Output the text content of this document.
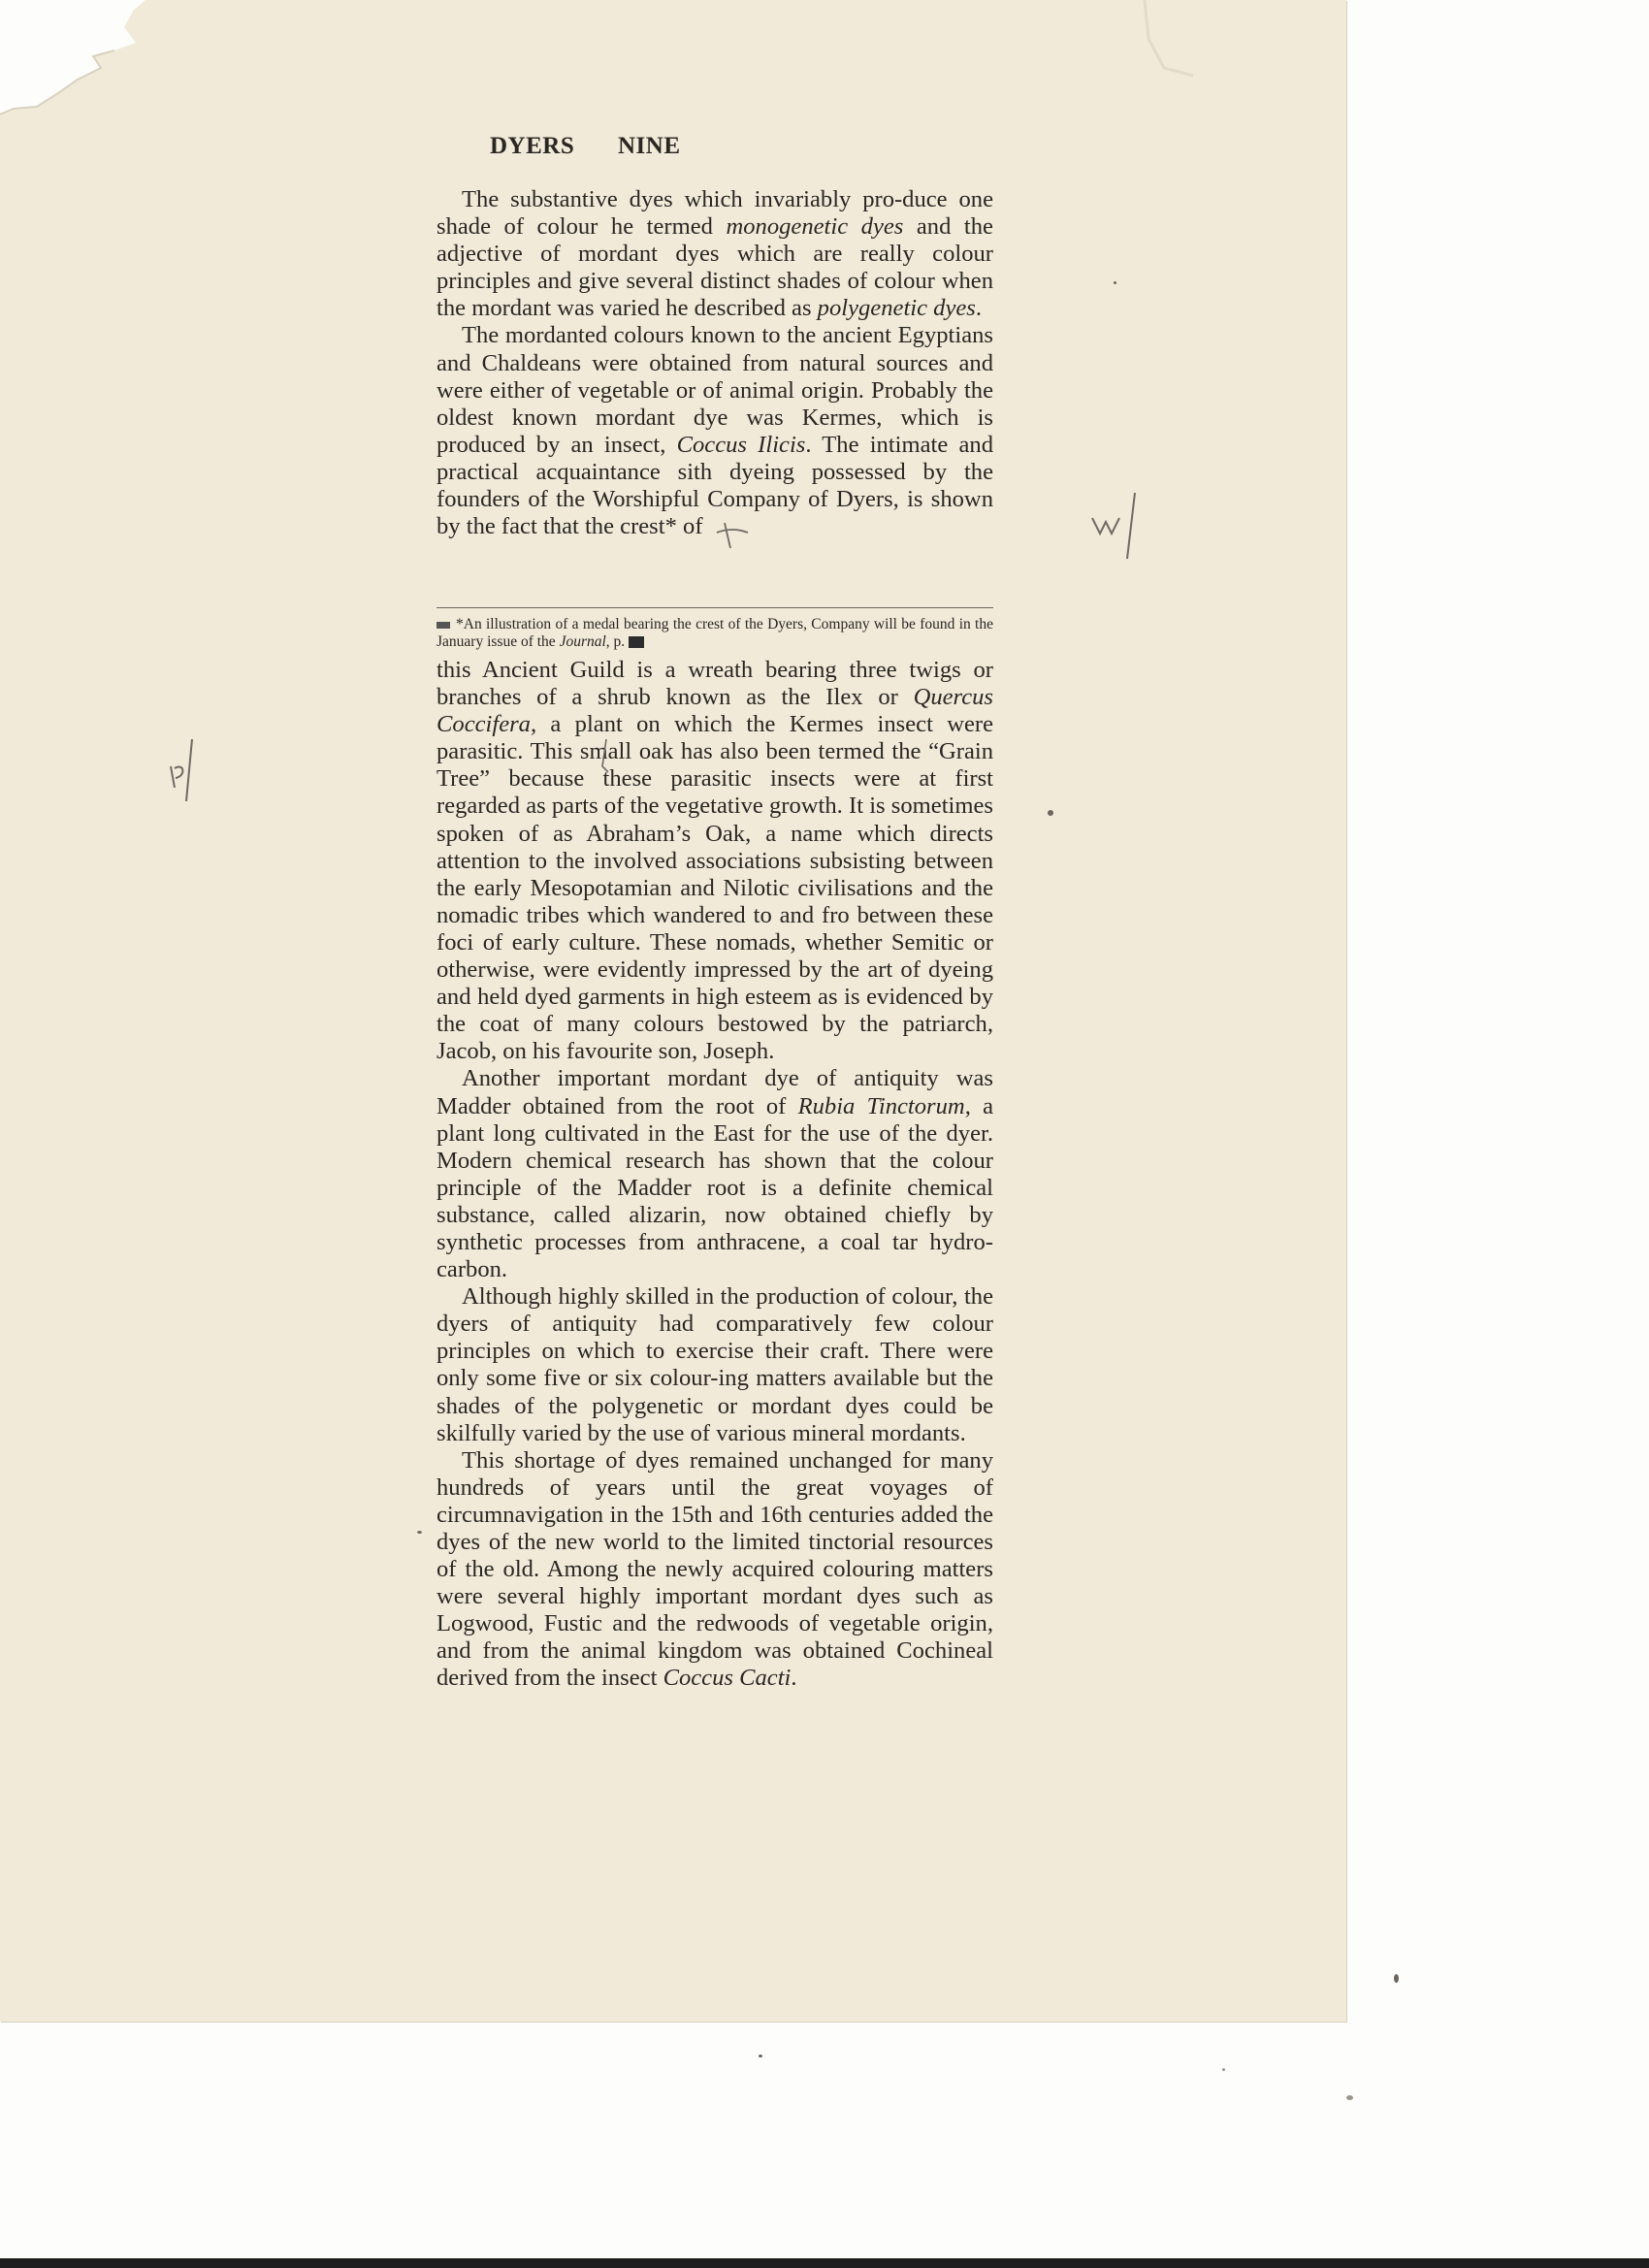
DYERS NINE

The substantive dyes which invariably pro-duce one shade of colour he termed monogenetic dyes and the adjective of mordant dyes which are really colour principles and give several distinct shades of colour when the mordant was varied he described as polygenetic dyes.

The mordanted colours known to the ancient Egyptians and Chaldeans were obtained from natural sources and were either of vegetable or of animal origin. Probably the oldest known mordant dye was Kermes, which is produced by an insect, Coccus Ilicis. The intimate and practical acquaintance sith dyeing possessed by the founders of the Worshipful Company of Dyers, is shown by the fact that the crest* of

*An illustration of a medal bearing the crest of the Dyers, Company will be found in the January issue of the Journal, p.

this Ancient Guild is a wreath bearing three twigs or branches of a shrub known as the Ilex or Quercus Coccifera, a plant on which the Kermes insect were parasitic. This small oak has also been termed the “Grain Tree” because these parasitic insects were at first regarded as parts of the vegetative growth. It is sometimes spoken of as Abraham’s Oak, a name which directs attention to the involved associations subsisting between the early Mesopotamian and Nilotic civilisations and the nomadic tribes which wandered to and fro between these foci of early culture. These nomads, whether Semitic or otherwise, were evidently impressed by the art of dyeing and held dyed garments in high esteem as is evidenced by the coat of many colours bestowed by the patriarch, Jacob, on his favourite son, Joseph.

Another important mordant dye of antiquity was Madder obtained from the root of Rubia Tinctorum, a plant long cultivated in the East for the use of the dyer. Modern chemical research has shown that the colour principle of the Madder root is a definite chemical substance, called alizarin, now obtained chiefly by synthetic processes from anthracene, a coal tar hydro-carbon.

Although highly skilled in the production of colour, the dyers of antiquity had comparatively few colour principles on which to exercise their craft. There were only some five or six colour-ing matters available but the shades of the polygenetic or mordant dyes could be skilfully varied by the use of various mineral mordants.

This shortage of dyes remained unchanged for many hundreds of years until the great voyages of circumnavigation in the 15th and 16th centuries added the dyes of the new world to the limited tinctorial resources of the old. Among the newly acquired colouring matters were several highly important mordant dyes such as Logwood, Fustic and the redwoods of vegetable origin, and from the animal kingdom was obtained Cochineal derived from the insect Coccus Cacti.
